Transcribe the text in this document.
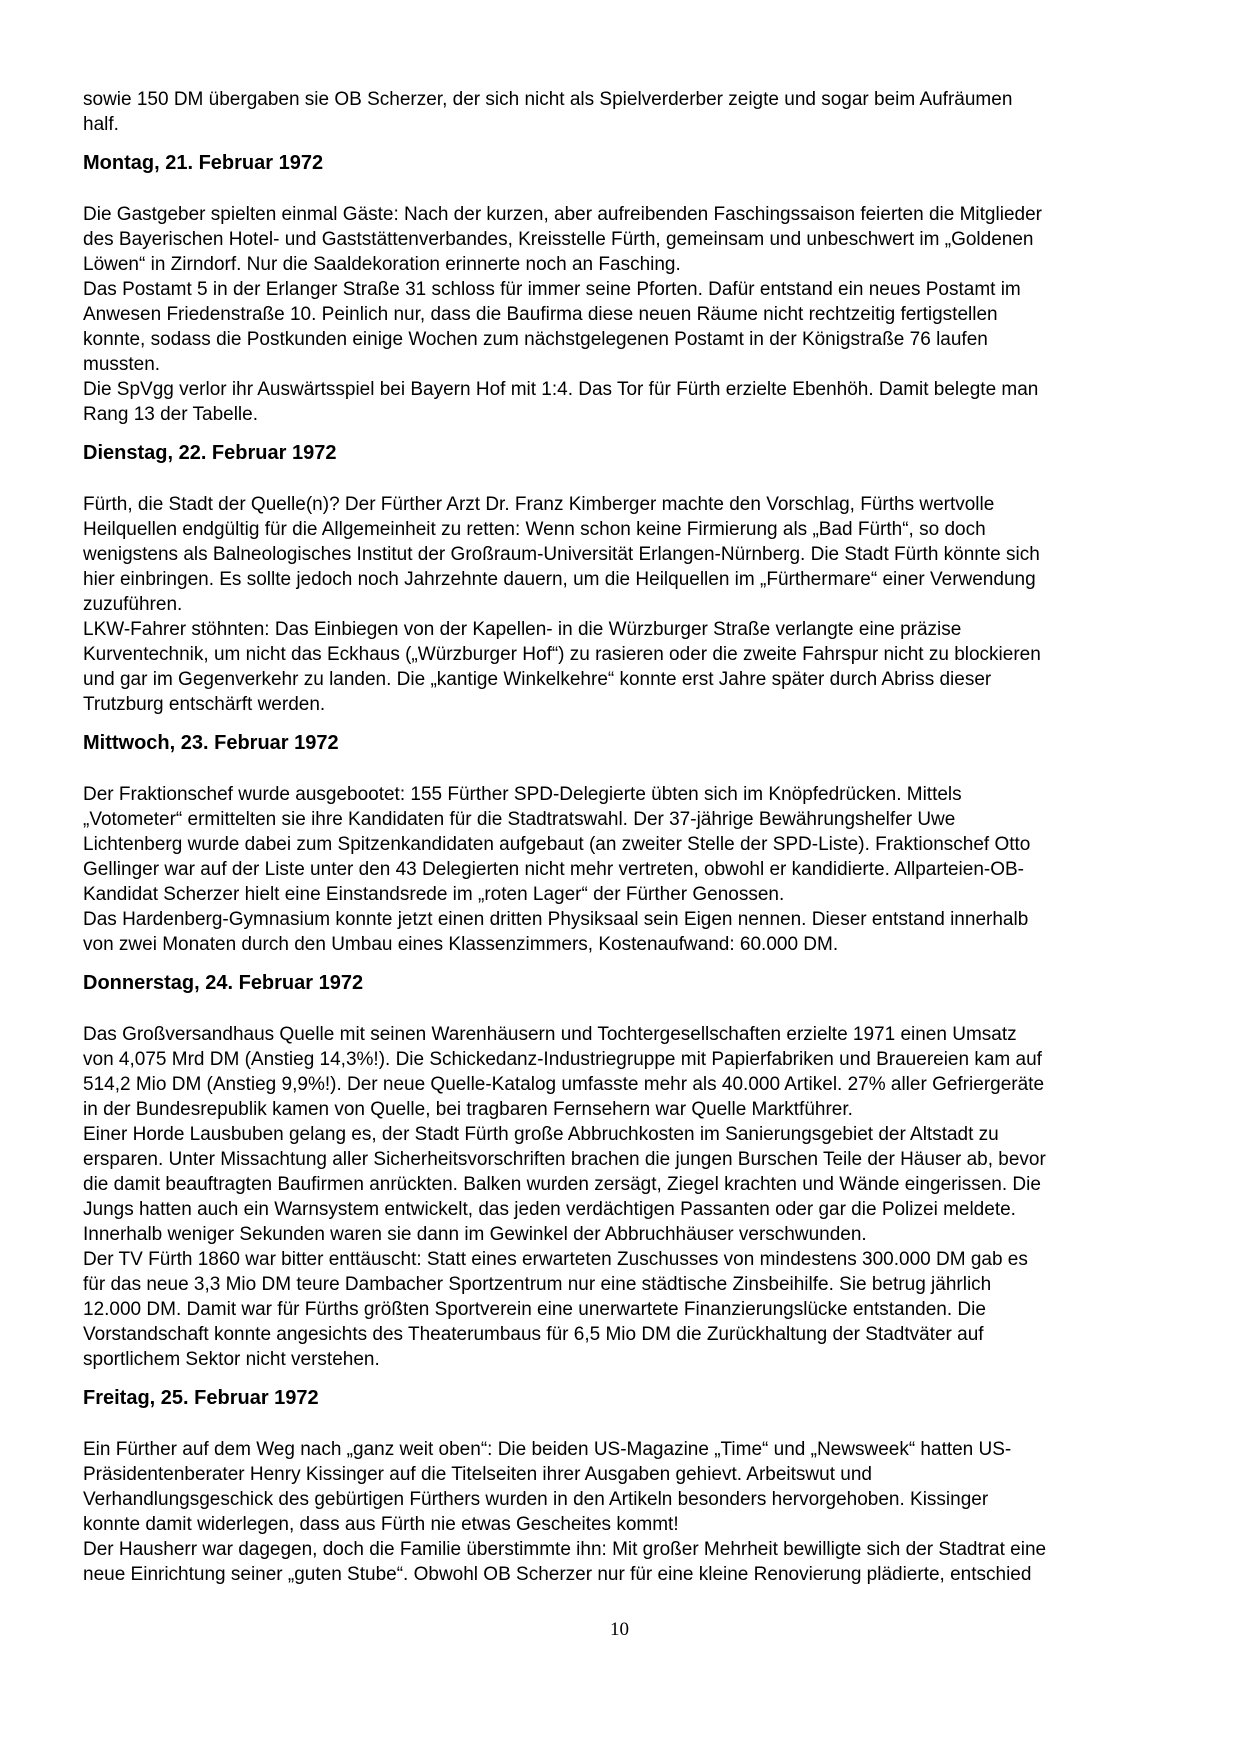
sowie 150 DM übergaben sie OB Scherzer, der sich nicht als Spielverderber zeigte und sogar beim Aufräumen
half.
Montag, 21. Februar 1972
Die Gastgeber spielten einmal Gäste: Nach der kurzen, aber aufreibenden Faschingssaison feierten die Mitglieder
des Bayerischen Hotel- und Gaststättenverbandes, Kreisstelle Fürth, gemeinsam und unbeschwert im „Goldenen
Löwen“ in Zirndorf. Nur die Saaldekoration erinnerte noch an Fasching.
Das Postamt 5 in der Erlanger Straße 31 schloss für immer seine Pforten. Dafür entstand ein neues Postamt im
Anwesen Friedenstraße 10. Peinlich nur, dass die Baufirma diese neuen Räume nicht rechtzeitig fertigstellen
konnte, sodass die Postkunden einige Wochen zum nächstgelegenen Postamt in der Königstraße 76 laufen
mussten.
Die SpVgg verlor ihr Auswärtsspiel bei Bayern Hof mit 1:4. Das Tor für Fürth erzielte Ebenhöh. Damit belegte man
Rang 13 der Tabelle.
Dienstag, 22. Februar 1972
Fürth, die Stadt der Quelle(n)? Der Fürther Arzt Dr. Franz Kimberger machte den Vorschlag, Fürths wertvolle
Heilquellen endgültig für die Allgemeinheit zu retten: Wenn schon keine Firmierung als „Bad Fürth“, so doch
wenigstens als Balneologisches Institut der Großraum-Universität Erlangen-Nürnberg. Die Stadt Fürth könnte sich
hier einbringen. Es sollte jedoch noch Jahrzehnte dauern, um die Heilquellen im „Fürthermare“ einer Verwendung
zuzuführen.
LKW-Fahrer stöhnten: Das Einbiegen von der Kapellen- in die Würzburger Straße verlangte eine präzise
Kurventechnik, um nicht das Eckhaus („Würzburger Hof“) zu rasieren oder die zweite Fahrspur nicht zu blockieren
und gar im Gegenverkehr zu landen. Die „kantige Winkelkehre“ konnte erst Jahre später durch Abriss dieser
Trutzburg entschärft werden.
Mittwoch, 23. Februar 1972
Der Fraktionschef wurde ausgebootet: 155 Fürther SPD-Delegierte übten sich im Knöpfedrücken. Mittels
„Votometer“ ermittelten sie ihre Kandidaten für die Stadtratswahl. Der 37-jährige Bewährungshelfer Uwe
Lichtenberg wurde dabei zum Spitzenkandidaten aufgebaut (an zweiter Stelle der SPD-Liste). Fraktionschef Otto
Gellinger war auf der Liste unter den 43 Delegierten nicht mehr vertreten, obwohl er kandidierte. Allparteien-OB-
Kandidat Scherzer hielt eine Einstandsrede im „roten Lager“ der Fürther Genossen.
Das Hardenberg-Gymnasium konnte jetzt einen dritten Physiksaal sein Eigen nennen. Dieser entstand innerhalb
von zwei Monaten durch den Umbau eines Klassenzimmers, Kostenaufwand: 60.000 DM.
Donnerstag, 24. Februar 1972
Das Großversandhaus Quelle mit seinen Warenhäusern und Tochtergesellschaften erzielte 1971 einen Umsatz
von 4,075 Mrd DM (Anstieg 14,3%!). Die Schickedanz-Industriegruppe mit Papierfabriken und Brauereien kam auf
514,2 Mio DM (Anstieg 9,9%!). Der neue Quelle-Katalog umfasste mehr als 40.000 Artikel. 27% aller Gefriergeräte
in der Bundesrepublik kamen von Quelle, bei tragbaren Fernsehern war Quelle Marktführer.
Einer Horde Lausbuben gelang es, der Stadt Fürth große Abbruchkosten im Sanierungsgebiet der Altstadt zu
ersparen. Unter Missachtung aller Sicherheitsvorschriften brachen die jungen Burschen Teile der Häuser ab, bevor
die damit beauftragten Baufirmen anrückten. Balken wurden zersägt, Ziegel krachten und Wände eingerissen. Die
Jungs hatten auch ein Warnsystem entwickelt, das jeden verdächtigen Passanten oder gar die Polizei meldete.
Innerhalb weniger Sekunden waren sie dann im Gewinkel der Abbruchhäuser verschwunden.
Der TV Fürth 1860 war bitter enttäuscht: Statt eines erwarteten Zuschusses von mindestens 300.000 DM gab es
für das neue 3,3 Mio DM teure Dambacher Sportzentrum nur eine städtische Zinsbeihilfe. Sie betrug jährlich
12.000 DM. Damit war für Fürths größten Sportverein eine unerwartete Finanzierungslücke entstanden. Die
Vorstandschaft konnte angesichts des Theaterumbaus für 6,5 Mio DM die Zurückhaltung der Stadtväter auf
sportlichem Sektor nicht verstehen.
Freitag, 25. Februar 1972
Ein Fürther auf dem Weg nach „ganz weit oben“: Die beiden US-Magazine „Time“ und „Newsweek“ hatten US-
Präsidentenberater Henry Kissinger auf die Titelseiten ihrer Ausgaben gehievt. Arbeitswut und
Verhandlungsgeschick des gebürtigen Fürthers wurden in den Artikeln besonders hervorgehoben. Kissinger
konnte damit widerlegen, dass aus Fürth nie etwas Gescheites kommt!
Der Hausherr war dagegen, doch die Familie überstimmte ihn: Mit großer Mehrheit bewilligte sich der Stadtrat eine
neue Einrichtung seiner „guten Stube“. Obwohl OB Scherzer nur für eine kleine Renovierung plädierte, entschied
10
